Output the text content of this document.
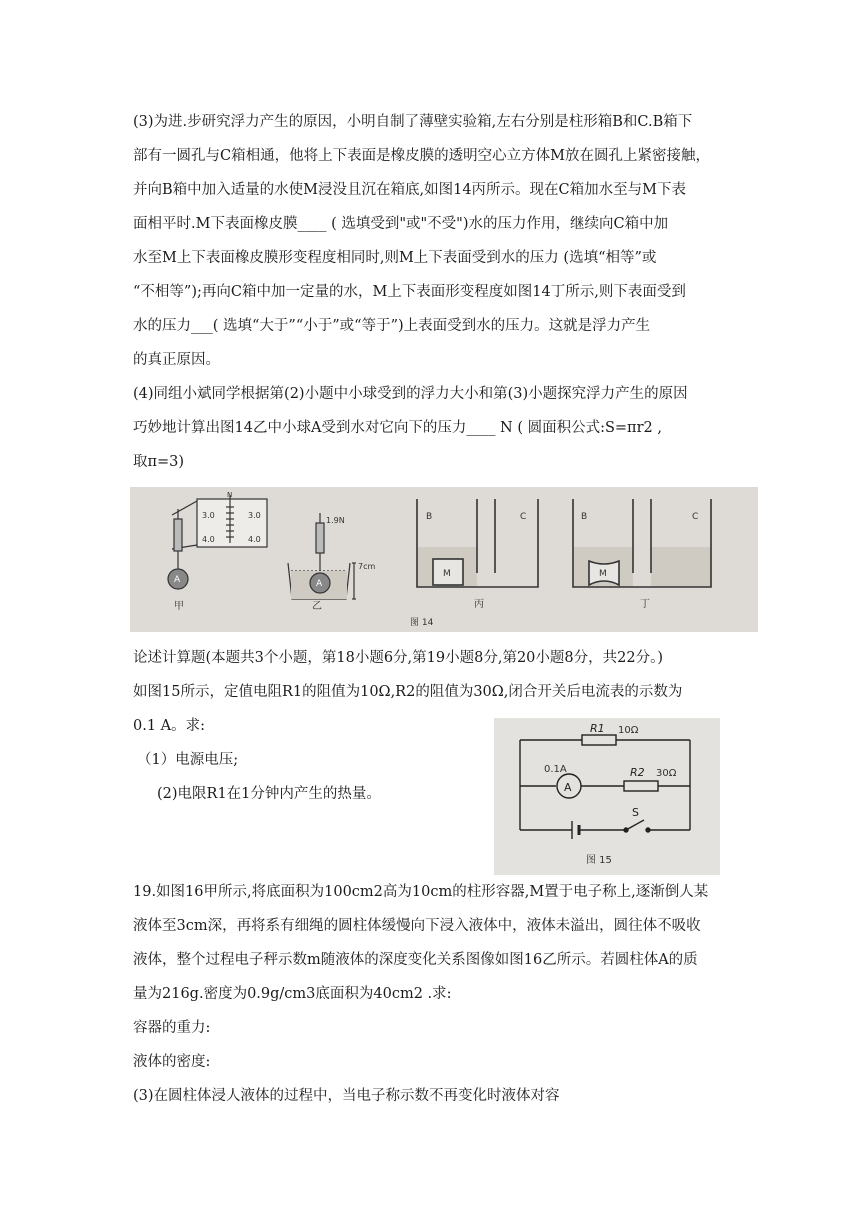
(3)为进.步研究浮力产生的原因，小明自制了薄壁实验箱,左右分别是柱形箱B和C.B箱下
部有一圆孔与C箱相通，他将上下表面是橡皮膜的透明空心立方体M放在圆孔上紧密接触，
并向B箱中加入适量的水使M浸没且沉在箱底,如图14丙所示。现在C箱加水至与M下表
面相平时.M下表面橡皮膜____ ( 选填受到"或"不受")水的压力作用，继续向C箱中加
水至M上下表面橡皮膜形变程度相同时,则M上下表面受到水的压力 (选填“相等”或
“不相等”);再向C箱中加一定量的水，M上下表面形变程度如图14丁所示,则下表面受到
水的压力___( 选填“大于”“小于”或“等于”)上表面受到水的压力。这就是浮力产生
的真正原因。
(4)同组小斌同学根据第(2)小题中小球受到的浮力大小和第(3)小题探究浮力产生的原因
巧妙地计算出图14乙中小球A受到水对它向下的压力____ N ( 圆面积公式:S=πr2 ,
取π=3)
3.0	3.0
4.0	4.0
N
A
甲
1.9N
7cm
A
乙
B	C
M
丙
B	C
M
丁
图 14
论述计算题(本题共3个小题，第18小题6分,第19小题8分,第20小题8分，共22分。)
如图15所示，定值电阻R1的阻值为10Ω,R2的阻值为30Ω,闭合开关后电流表的示数为
0.1 A。求:
（1）电源电压;
(2)电限R1在1分钟内产生的热量。
R1 10Ω
A
0.1A	R2 30Ω
S
图 15
19.如图16甲所示,将底面积为100cm2高为10cm的柱形容器,M置于电子称上,逐渐倒人某
液体至3cm深，再将系有细绳的圆柱体缓慢向下浸入液体中，液体未溢出，圆往体不吸收
液体，整个过程电子秤示数m随液体的深度变化关系图像如图16乙所示。若圆柱体A的质
量为216g.密度为0.9g/cm3底面积为40cm2 .求:
容器的重力:
液体的密度:
(3)在圆柱体浸人液体的过程中，当电子称示数不再变化时液体对容
